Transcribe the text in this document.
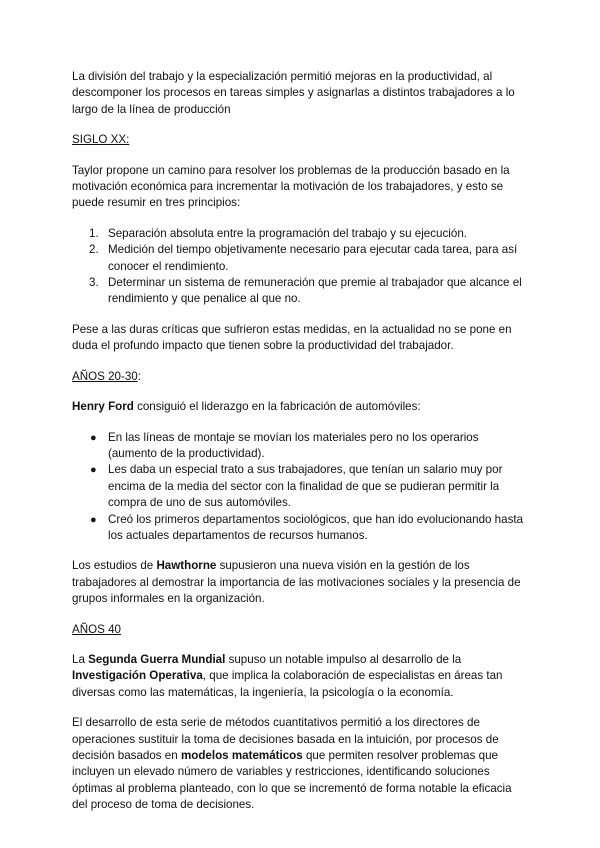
La división del trabajo y la especialización permitió mejoras en la productividad, al descomponer los procesos en tareas simples y asignarlas a distintos trabajadores a lo largo de la línea de producción

SIGLO XX:

Taylor propone un camino para resolver los problemas de la producción basado en la motivación económica para incrementar la motivación de los trabajadores, y esto se puede resumir en tres principios:

1. Separación absoluta entre la programación del trabajo y su ejecución.
2. Medición del tiempo objetivamente necesario para ejecutar cada tarea, para así conocer el rendimiento.
3. Determinar un sistema de remuneración que premie al trabajador que alcance el rendimiento y que penalice al que no.

Pese a las duras críticas que sufrieron estas medidas, en la actualidad no se pone en duda el profundo impacto que tienen sobre la productividad del trabajador.

AÑOS 20-30:

Henry Ford consiguió el liderazgo en la fabricación de automóviles:

● En las líneas de montaje se movían los materiales pero no los operarios (aumento de la productividad).
● Les daba un especial trato a sus trabajadores, que tenían un salario muy por encima de la media del sector con la finalidad de que se pudieran permitir la compra de uno de sus automóviles.
● Creó los primeros departamentos sociológicos, que han ido evolucionando hasta los actuales departamentos de recursos humanos.

Los estudios de Hawthorne supusieron una nueva visión en la gestión de los trabajadores al demostrar la importancia de las motivaciones sociales y la presencia de grupos informales en la organización.

AÑOS 40

La Segunda Guerra Mundial supuso un notable impulso al desarrollo de la Investigación Operativa, que implica la colaboración de especialistas en áreas tan diversas como las matemáticas, la ingeniería, la psicología o la economía.

El desarrollo de esta serie de métodos cuantitativos permitió a los directores de operaciones sustituir la toma de decisiones basada en la intuición, por procesos de decisión basados en modelos matemáticos que permiten resolver problemas que incluyen un elevado número de variables y restricciones, identificando soluciones óptimas al problema planteado, con lo que se incrementó de forma notable la eficacia del proceso de toma de decisiones.
